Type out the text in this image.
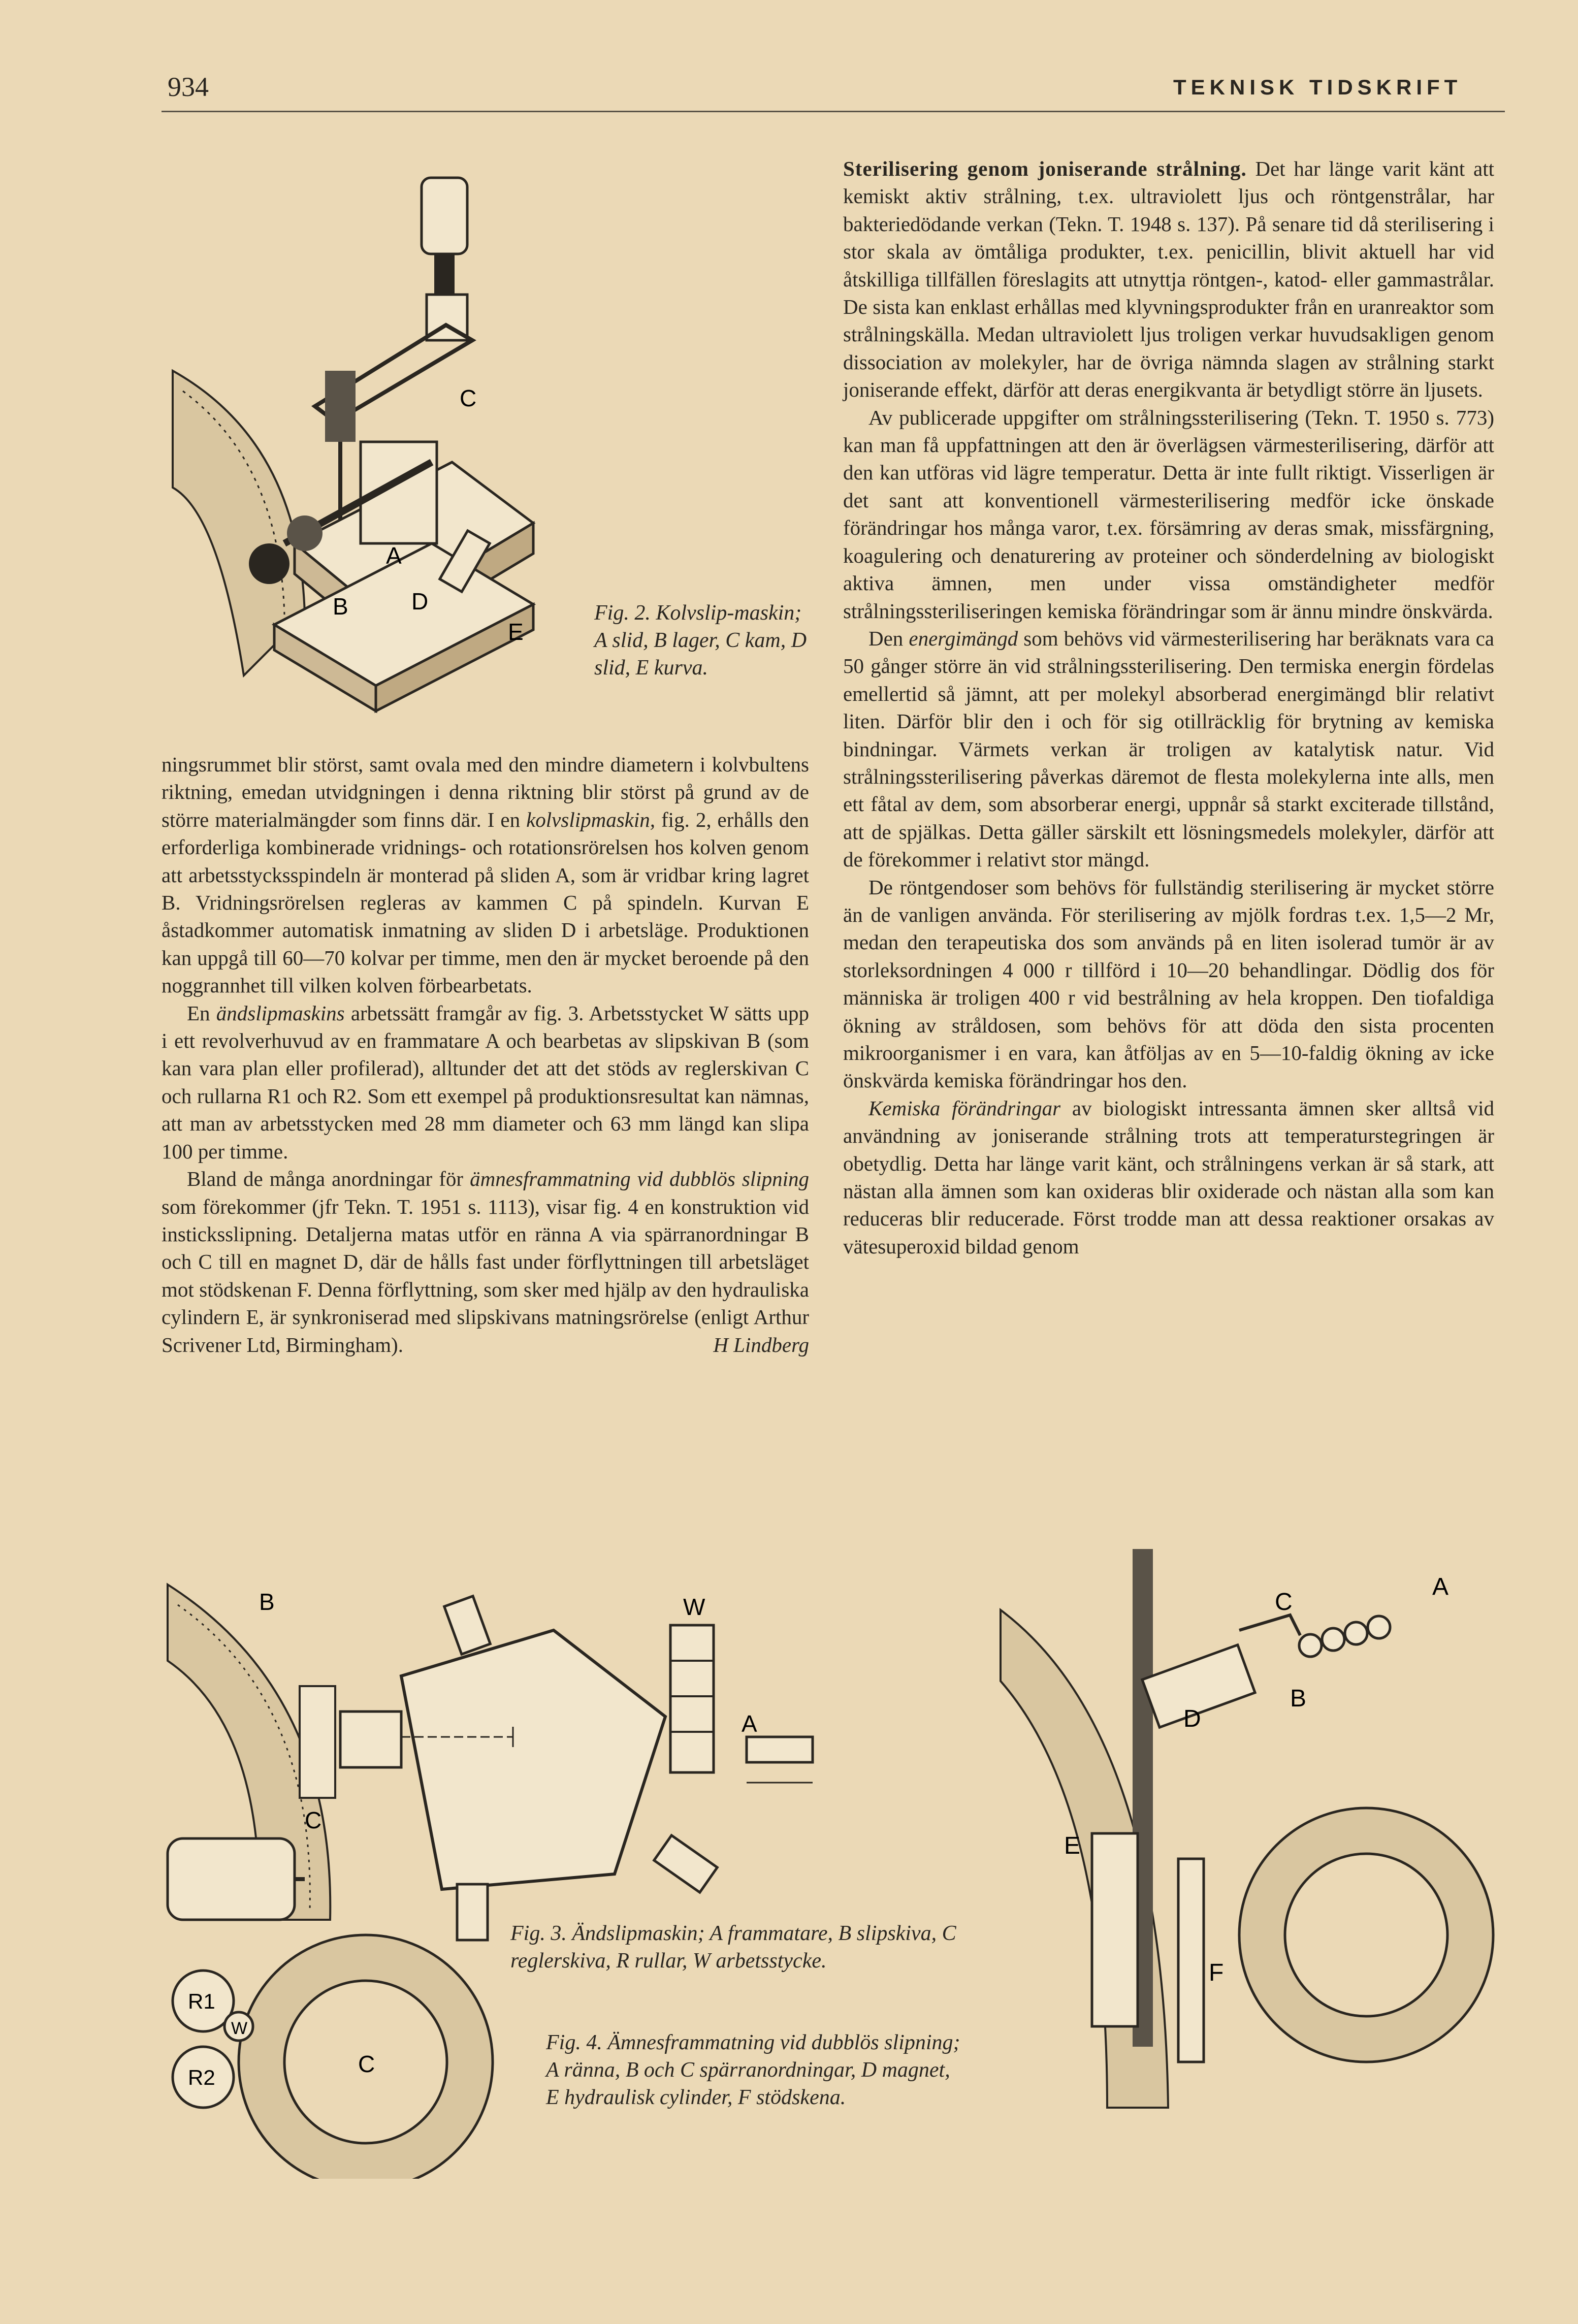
934	TEKNISK TIDSKRIFT
C
A
B	D
E
Fig. 2. Kolvslip-maskin; A slid, B lager, C kam, D slid, E kurva.

ningsrummet blir störst, samt ovala med den mindre diametern i kolvbultens riktning, emedan utvidgningen i denna riktning blir störst på grund av de större materialmängder som finns där. I en kolvslipmaskin, fig. 2, erhålls den erforderliga kombinerade vridnings- och rotationsrörelsen hos kolven genom att arbetsstycksspindeln är monterad på sliden A, som är vridbar kring lagret B. Vridningsrörelsen regleras av kammen C på spindeln. Kurvan E åstadkommer automatisk inmatning av sliden D i arbetsläge. Produktionen kan uppgå till 60—70 kolvar per timme, men den är mycket beroende på den noggrannhet till vilken kolven förbearbetats.

En ändslipmaskins arbetssätt framgår av fig. 3. Arbetsstycket W sätts upp i ett revolverhuvud av en frammatare A och bearbetas av slipskivan B (som kan vara plan eller profilerad), alltunder det att det stöds av reglerskivan C och rullarna R1 och R2. Som ett exempel på produktionsresultat kan nämnas, att man av arbetsstycken med 28 mm diameter och 63 mm längd kan slipa 100 per timme.

Bland de många anordningar för ämnesframmatning vid dubblös slipning som förekommer (jfr Tekn. T. 1951 s. 1113), visar fig. 4 en konstruktion vid insticksslipning. Detaljerna matas utför en ränna A via spärranordningar B och C till en magnet D, där de hålls fast under förflyttningen till arbetsläget mot stödskenan F. Denna förflyttning, som sker med hjälp av den hydrauliska cylindern E, är synkroniserad med slipskivans matningsrörelse (enligt Arthur Scrivener Ltd, Birmingham).	H Lindberg

Sterilisering genom joniserande strålning. Det har länge varit känt att kemiskt aktiv strålning, t.ex. ultraviolett ljus och röntgenstrålar, har bakteriedödande verkan (Tekn. T. 1948 s. 137). På senare tid då sterilisering i stor skala av ömtåliga produkter, t.ex. penicillin, blivit aktuell har vid åtskilliga tillfällen föreslagits att utnyttja röntgen-, katod- eller gammastrålar. De sista kan enklast erhållas med klyvningsprodukter från en uranreaktor som strålningskälla. Medan ultraviolett ljus troligen verkar huvudsakligen genom dissociation av molekyler, har de övriga nämnda slagen av strålning starkt joniserande effekt, därför att deras energikvanta är betydligt större än ljusets.

Av publicerade uppgifter om strålningssterilisering (Tekn. T. 1950 s. 773) kan man få uppfattningen att den är överlägsen värmesterilisering, därför att den kan utföras vid lägre temperatur. Detta är inte fullt riktigt. Visserligen är det sant att konventionell värmesterilisering medför icke önskade förändringar hos många varor, t.ex. försämring av deras smak, missfärgning, koagulering och denaturering av proteiner och sönderdelning av biologiskt aktiva ämnen, men under vissa omständigheter medför strålningssteriliseringen kemiska förändringar som är ännu mindre önskvärda.

Den energimängd som behövs vid värmesterilisering har beräknats vara ca 50 gånger större än vid strålningssterilisering. Den termiska energin fördelas emellertid så jämnt, att per molekyl absorberad energimängd blir relativt liten. Därför blir den i och för sig otillräcklig för brytning av kemiska bindningar. Värmets verkan är troligen av katalytisk natur. Vid strålningssterilisering påverkas däremot de flesta molekylerna inte alls, men ett fåtal av dem, som absorberar energi, uppnår så starkt exciterade tillstånd, att de spjälkas. Detta gäller särskilt ett lösningsmedels molekyler, därför att de förekommer i relativt stor mängd.

De röntgendoser som behövs för fullständig sterilisering är mycket större än de vanligen använda. För sterilisering av mjölk fordras t.ex. 1,5—2 Mr, medan den terapeutiska dos som används på en liten isolerad tumör är av storleksordningen 4 000 r tillförd i 10—20 behandlingar. Dödlig dos för människa är troligen 400 r vid bestrålning av hela kroppen. Den tiofaldiga ökning av stråldosen, som behövs för att döda den sista procenten mikroorganismer i en vara, kan åtföljas av en 5—10-faldig ökning av icke önskvärda kemiska förändringar hos den.

Kemiska förändringar av biologiskt intressanta ämnen sker alltså vid användning av joniserande strålning trots att temperaturstegringen är obetydlig. Detta har länge varit känt, och strålningens verkan är så stark, att nästan alla ämnen som kan oxideras blir oxiderade och nästan alla som kan reduceras blir reducerade. Först trodde man att dessa reaktioner orsakas av vätesuperoxid bildad genom

B
C
W
A
C
R1
W
R2
Fig. 3. Ändslipmaskin; A frammatare, B slipskiva, C reglerskiva, R rullar, W arbetsstycke.
Fig. 4. Ämnesframmatning vid dubblös slipning; A ränna, B och C spärranordningar, D magnet, E hydraulisk cylinder, F stödskena.
C
A
B
D
E
F
